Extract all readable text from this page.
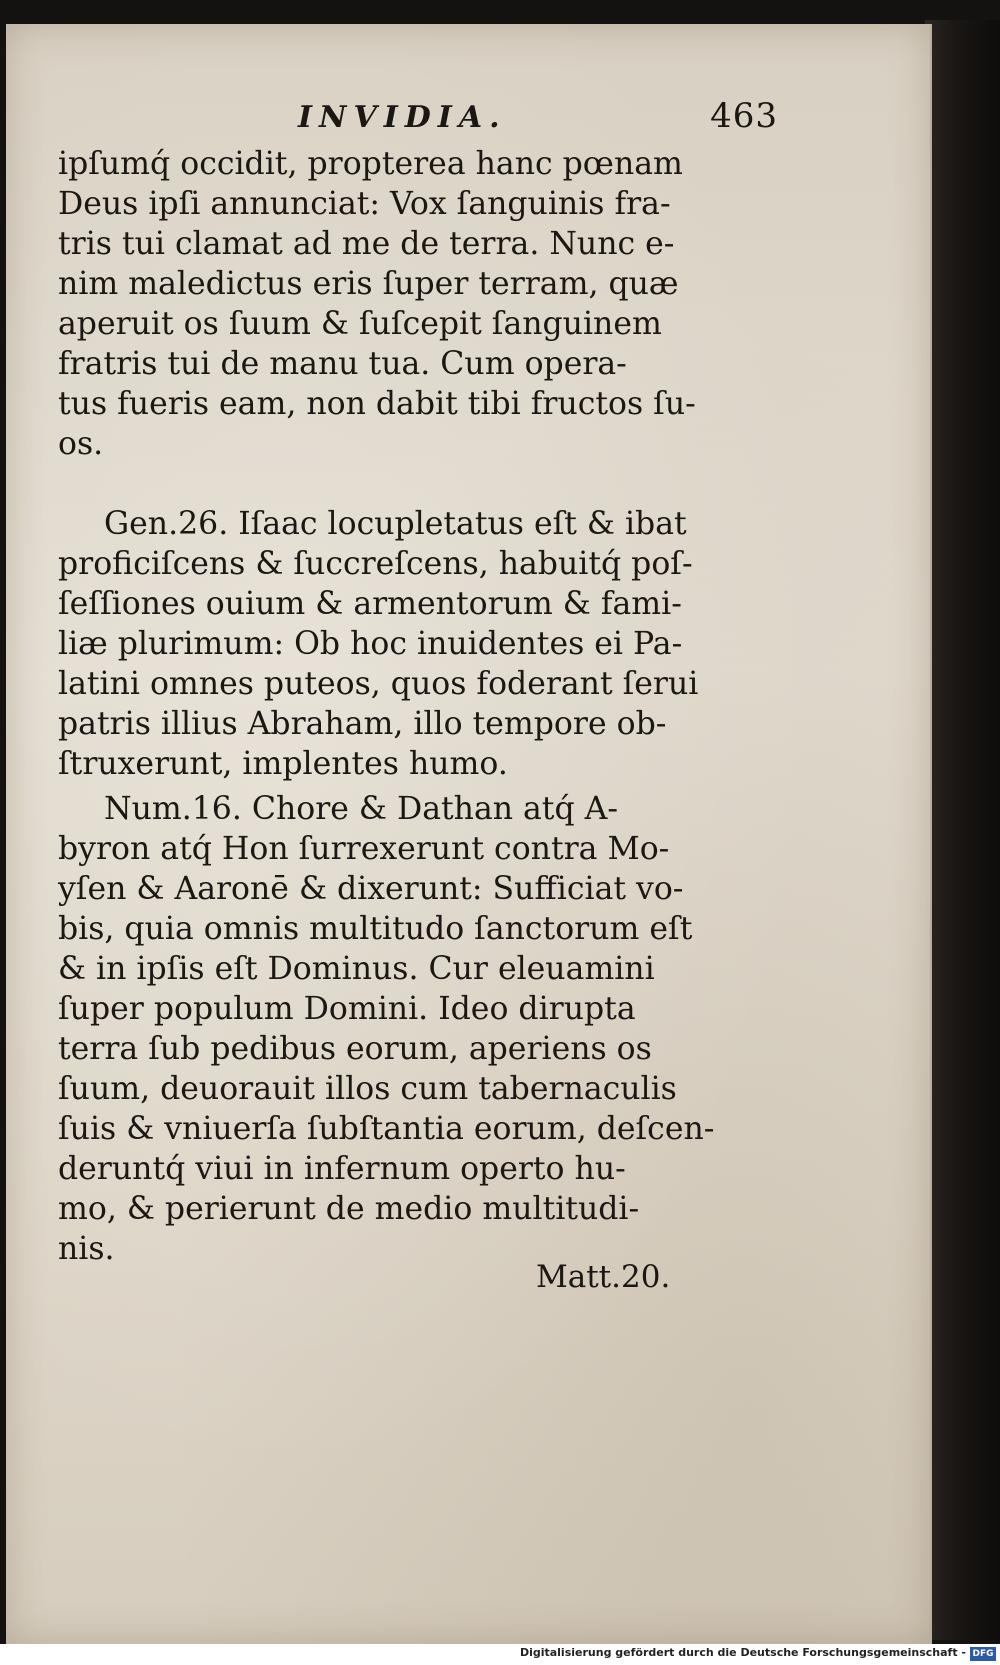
INVIDIA.	463
ipſumq́ occidit, propterea hanc pœnam
Deus ipſi annunciat: Vox ſanguinis fra-
tris tui clamat ad me de terra. Nunc e-
nim maledictus eris ſuper terram, quæ
aperuit os ſuum & ſuſcepit ſanguinem
fratris tui de manu tua. Cum opera-
tus fueris eam, non dabit tibi fructos ſu-
os.
Gen.26. Iſaac locupletatus eſt & ibat
proficiſcens & ſuccreſcens, habuitq́ poſ-
ſeſſiones ouium & armentorum & fami-
liæ plurimum: Ob hoc inuidentes ei Pa-
latini omnes puteos, quos foderant ſerui
patris illius Abraham, illo tempore ob-
ſtruxerunt, implentes humo.
Num.16. Chore & Dathan atq́ A-
byron atq́ Hon ſurrexerunt contra Mo-
yſen & Aaronē & dixerunt: Sufficiat vo-
bis, quia omnis multitudo ſanctorum eſt
& in ipſis eſt Dominus. Cur eleuamini
ſuper populum Domini. Ideo dirupta
terra ſub pedibus eorum, aperiens os
ſuum, deuorauit illos cum tabernaculis
ſuis & vniuerſa ſubſtantia eorum, deſcen-
deruntq́ viui in infernum operto hu-
mo, & perierunt de medio multitudi-
nis.
Matt.20.
Digitalisierung gefördert durch die Deutsche Forschungsgemeinschaft - DFG
